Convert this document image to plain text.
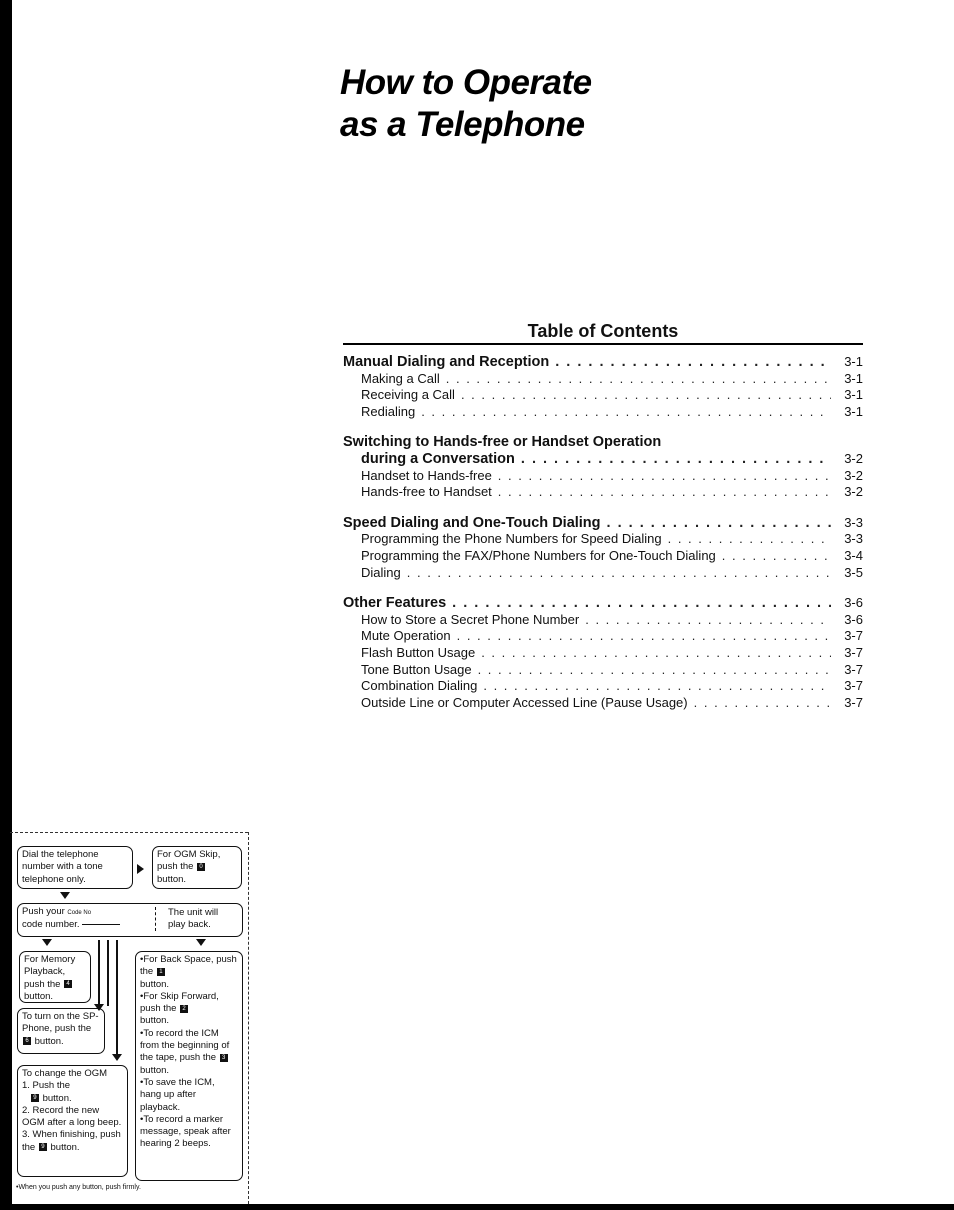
How to Operate
as a Telephone
Table of Contents
Manual Dialing and Reception . . .	3-1
Making a Call . . .	3-1
Receiving a Call . . .	3-1
Redialing . . .	3-1
Switching to Hands-free or Handset Operation
during a Conversation . . .	3-2
Handset to Hands-free . . .	3-2
Hands-free to Handset . . .	3-2
Speed Dialing and One-Touch Dialing . . .	3-3
Programming the Phone Numbers for Speed Dialing . . .	3-3
Programming the FAX/Phone Numbers for One-Touch Dialing . . .	3-4
Dialing . . .	3-5
Other Features . . .	3-6
How to Store a Secret Phone Number . . .	3-6
Mute Operation . . .	3-7
Flash Button Usage . . .	3-7
Tone Button Usage . . .	3-7
Combination Dialing . . .	3-7
Outside Line or Computer Accessed Line (Pause Usage) . . .	3-7
Dial the telephone number with a tone telephone only.
For OGM Skip, push the 0 button.
Push your Code No
code number.
The unit will play back.
For Memory Playback, push the 4
button.
To turn on the SP-Phone, push the 6 button.
To change the OGM
1. Push the
9 button.
2. Record the new OGM after a long beep.
3. When finishing, push the 9 button.
•For Back Space, push the 1
button.
•For Skip Forward, push the 2
button.
•To record the ICM from the beginning of the tape, push the 3
button.
•To save the ICM, hang up after playback.
•To record a marker message, speak after hearing 2 beeps.
•When you push any button, push firmly.
